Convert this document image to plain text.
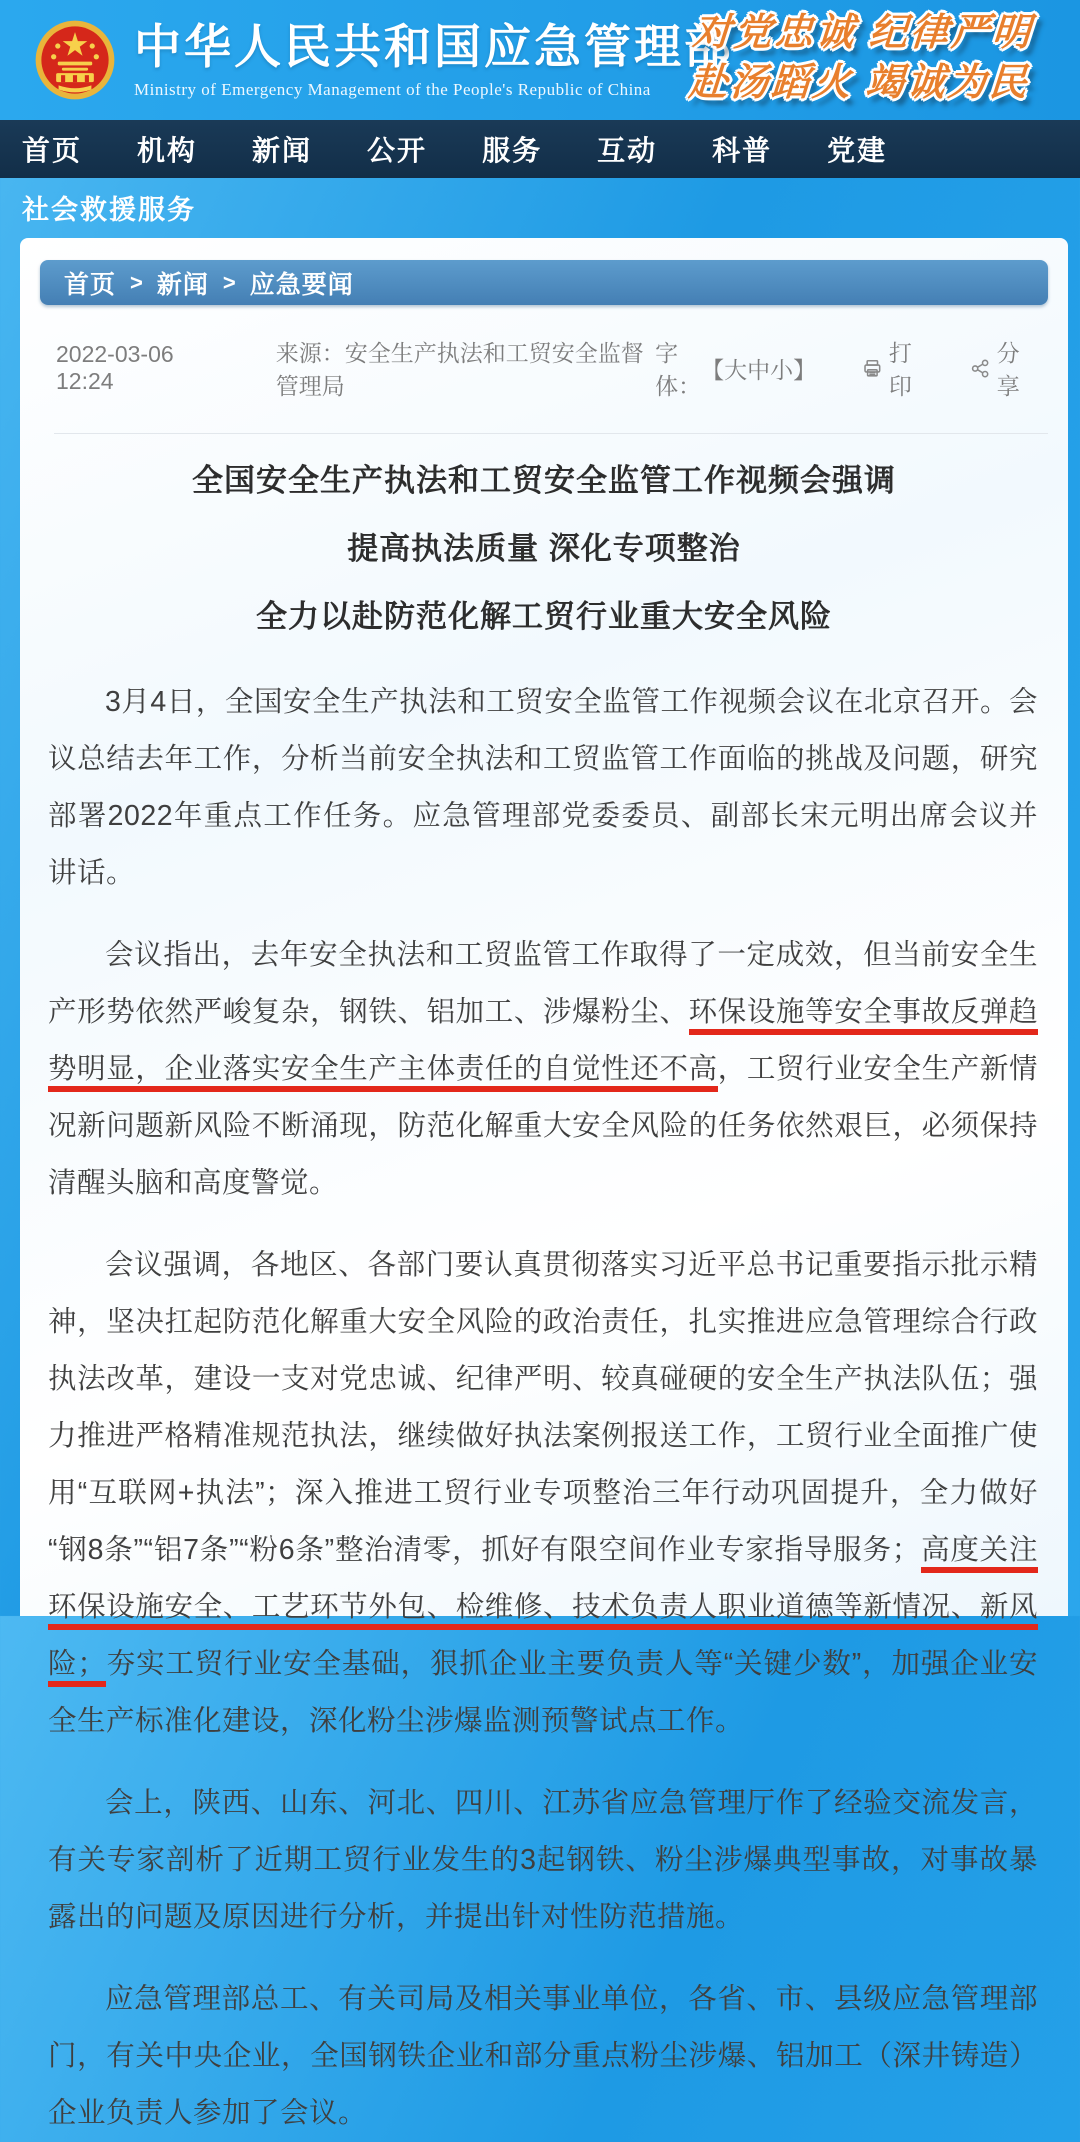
中华人民共和国应急管理部
Ministry of Emergency Management of the People's Republic of China
对党忠诚 纪律严明
赴汤蹈火 竭诚为民
首页 机构 新闻 公开 服务 互动 科普 党建
社会救援服务
首页 > 新闻 > 应急要闻
2022-03-06 12:24
来源：安全生产执法和工贸安全监督管理局
字体：
【 大 中 小 】
打印
分享
全国安全生产执法和工贸安全监管工作视频会强调
提高执法质量 深化专项整治
全力以赴防范化解工贸行业重大安全风险

3月4日，全国安全生产执法和工贸安全监管工作视频会议在北京召开。会议总结去年工作，分析当前安全执法和工贸监管工作面临的挑战及问题，研究部署2022年重点工作任务。应急管理部党委委员、副部长宋元明出席会议并讲话。

会议指出，去年安全执法和工贸监管工作取得了一定成效，但当前安全生产形势依然严峻复杂，钢铁、铝加工、涉爆粉尘、环保设施等安全事故反弹趋势明显，企业落实安全生产主体责任的自觉性还不高，工贸行业安全生产新情况新问题新风险不断涌现，防范化解重大安全风险的任务依然艰巨，必须保持清醒头脑和高度警觉。

会议强调，各地区、各部门要认真贯彻落实习近平总书记重要指示批示精神，坚决扛起防范化解重大安全风险的政治责任，扎实推进应急管理综合行政执法改革，建设一支对党忠诚、纪律严明、较真碰硬的安全生产执法队伍；强力推进严格精准规范执法，继续做好执法案例报送工作，工贸行业全面推广使用“互联网+执法”；深入推进工贸行业专项整治三年行动巩固提升，全力做好“钢8条”“铝7条”“粉6条”整治清零，抓好有限空间作业专家指导服务；高度关注环保设施安全、工艺环节外包、检维修、技术负责人职业道德等新情况、新风险；夯实工贸行业安全基础，狠抓企业主要负责人等“关键少数”，加强企业安全生产标准化建设，深化粉尘涉爆监测预警试点工作。

会上，陕西、山东、河北、四川、江苏省应急管理厅作了经验交流发言，有关专家剖析了近期工贸行业发生的3起钢铁、粉尘涉爆典型事故，对事故暴露出的问题及原因进行分析，并提出针对性防范措施。

应急管理部总工、有关司局及相关事业单位，各省、市、县级应急管理部门，有关中央企业，全国钢铁企业和部分重点粉尘涉爆、铝加工（深井铸造）企业负责人参加了会议。
